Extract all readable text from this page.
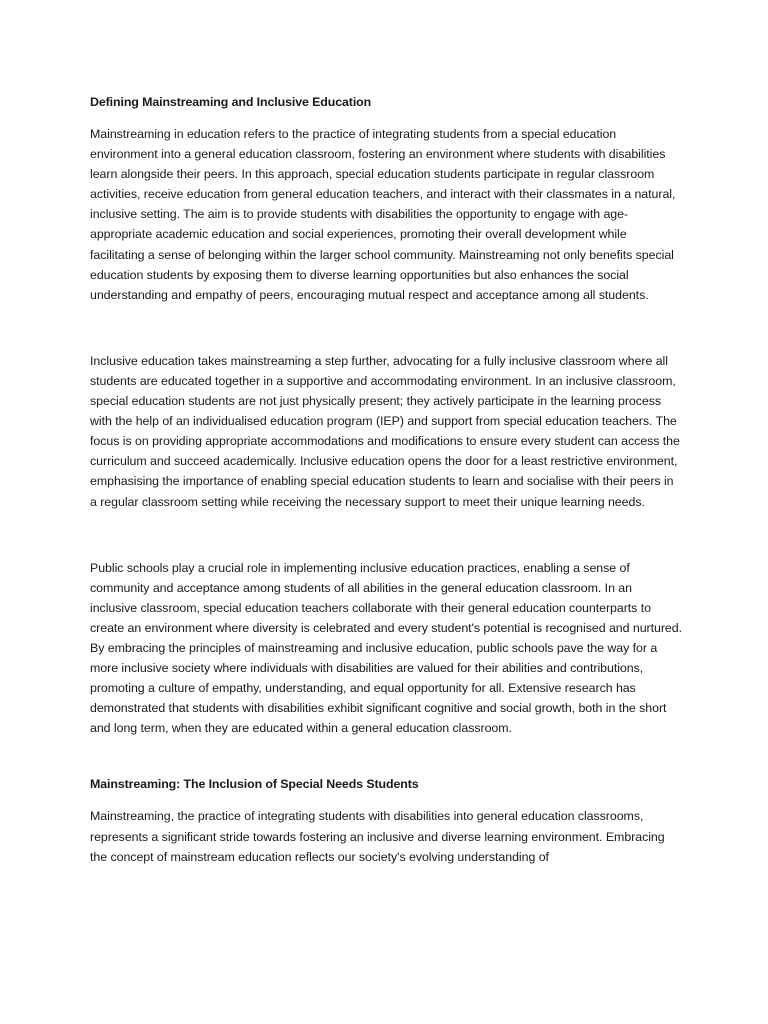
Defining Mainstreaming and Inclusive Education

Mainstreaming in education refers to the practice of integrating students from a special education environment into a general education classroom, fostering an environment where students with disabilities learn alongside their peers. In this approach, special education students participate in regular classroom activities, receive education from general education teachers, and interact with their classmates in a natural, inclusive setting. The aim is to provide students with disabilities the opportunity to engage with age-appropriate academic education and social experiences, promoting their overall development while facilitating a sense of belonging within the larger school community. Mainstreaming not only benefits special education students by exposing them to diverse learning opportunities but also enhances the social understanding and empathy of peers, encouraging mutual respect and acceptance among all students.

Inclusive education takes mainstreaming a step further, advocating for a fully inclusive classroom where all students are educated together in a supportive and accommodating environment. In an inclusive classroom, special education students are not just physically present; they actively participate in the learning process with the help of an individualised education program (IEP) and support from special education teachers. The focus is on providing appropriate accommodations and modifications to ensure every student can access the curriculum and succeed academically. Inclusive education opens the door for a least restrictive environment, emphasising the importance of enabling special education students to learn and socialise with their peers in a regular classroom setting while receiving the necessary support to meet their unique learning needs.

Public schools play a crucial role in implementing inclusive education practices, enabling a sense of community and acceptance among students of all abilities in the general education classroom. In an inclusive classroom, special education teachers collaborate with their general education counterparts to create an environment where diversity is celebrated and every student's potential is recognised and nurtured. By embracing the principles of mainstreaming and inclusive education, public schools pave the way for a more inclusive society where individuals with disabilities are valued for their abilities and contributions, promoting a culture of empathy, understanding, and equal opportunity for all. Extensive research has demonstrated that students with disabilities exhibit significant cognitive and social growth, both in the short and long term, when they are educated within a general education classroom.

Mainstreaming: The Inclusion of Special Needs Students

Mainstreaming, the practice of integrating students with disabilities into general education classrooms, represents a significant stride towards fostering an inclusive and diverse learning environment. Embracing the concept of mainstream education reflects our society's evolving understanding of
